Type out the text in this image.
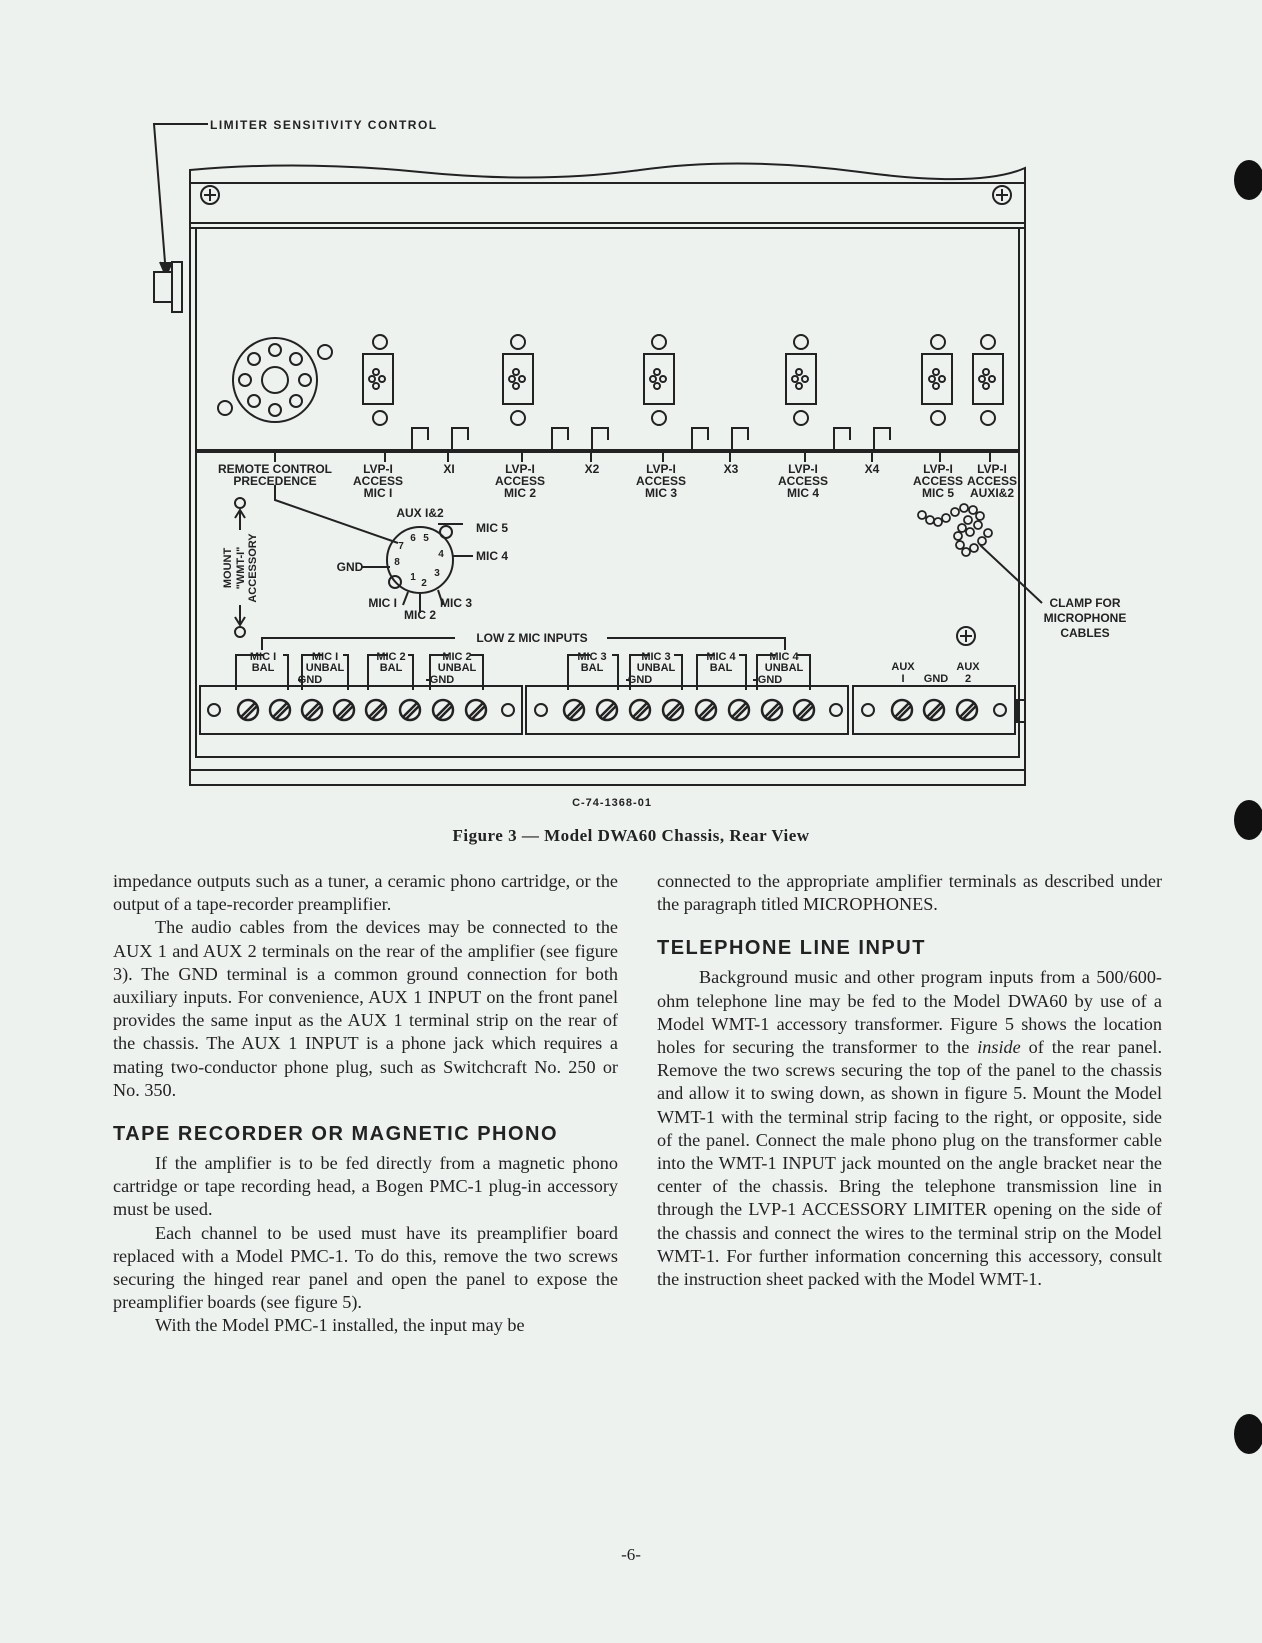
LIMITER SENSITIVITY CONTROL
REMOTE CONTROL
PRECEDENCE
LVP-I
ACCESS
MIC I
XI	LVP-I
ACCESS
MIC 2
X2	LVP-I
ACCESS
MIC 3
X3	LVP-I
ACCESS
MIC 4
X4	LVP-I
ACCESS
MIC 5
LVP-I
ACCESS
AUXI&2
AUX I&2
MIC 5
MIC 4
GND
MIC I	MIC 3
MIC 2
7
6 5
4
8
1
2
3
MOUNT "WMT-I" ACCESSORY
LOW Z MIC INPUTS
MIC I
BAL
MIC I
UNBAL
GND
MIC 2
BAL
MIC 2
UNBAL
GND
MIC 3
BAL
MIC 3
UNBAL
GND
MIC 4
BAL
MIC 4
UNBAL
GND
AUX
I GND
AUX
2
CLAMP FOR
MICROPHONE
CABLES
C-74-1368-01
Figure 3 — Model DWA60 Chassis, Rear View

impedance outputs such as a tuner, a ceramic phono cartridge, or the output of a tape-recorder preamplifier.

The audio cables from the devices may be connected to the AUX 1 and AUX 2 terminals on the rear of the amplifier (see figure 3). The GND terminal is a common ground connection for both auxiliary inputs. For convenience, AUX 1 INPUT on the front panel provides the same input as the AUX 1 terminal strip on the rear of the chassis. The AUX 1 INPUT is a phone jack which requires a mating two-conductor phone plug, such as Switchcraft No. 250 or No. 350.

TAPE RECORDER OR MAGNETIC PHONO

If the amplifier is to be fed directly from a magnetic phono cartridge or tape recording head, a Bogen PMC-1 plug-in accessory must be used.

Each channel to be used must have its preamplifier board replaced with a Model PMC-1. To do this, remove the two screws securing the hinged rear panel and open the panel to expose the preamplifier boards (see figure 5).

With the Model PMC-1 installed, the input may be

connected to the appropriate amplifier terminals as described under the paragraph titled MICROPHONES.

TELEPHONE LINE INPUT

Background music and other program inputs from a 500/600-ohm telephone line may be fed to the Model DWA60 by use of a Model WMT-1 accessory transformer. Figure 5 shows the location holes for securing the transformer to the inside of the rear panel. Remove the two screws securing the top of the panel to the chassis and allow it to swing down, as shown in figure 5. Mount the Model WMT-1 with the terminal strip facing to the right, or opposite, side of the panel. Connect the male phono plug on the transformer cable into the WMT-1 INPUT jack mounted on the angle bracket near the center of the chassis. Bring the telephone transmission line in through the LVP-1 ACCESSORY LIMITER opening on the side of the chassis and connect the wires to the terminal strip on the Model WMT-1. For further information concerning this accessory, consult the instruction sheet packed with the Model WMT-1.

-6-
